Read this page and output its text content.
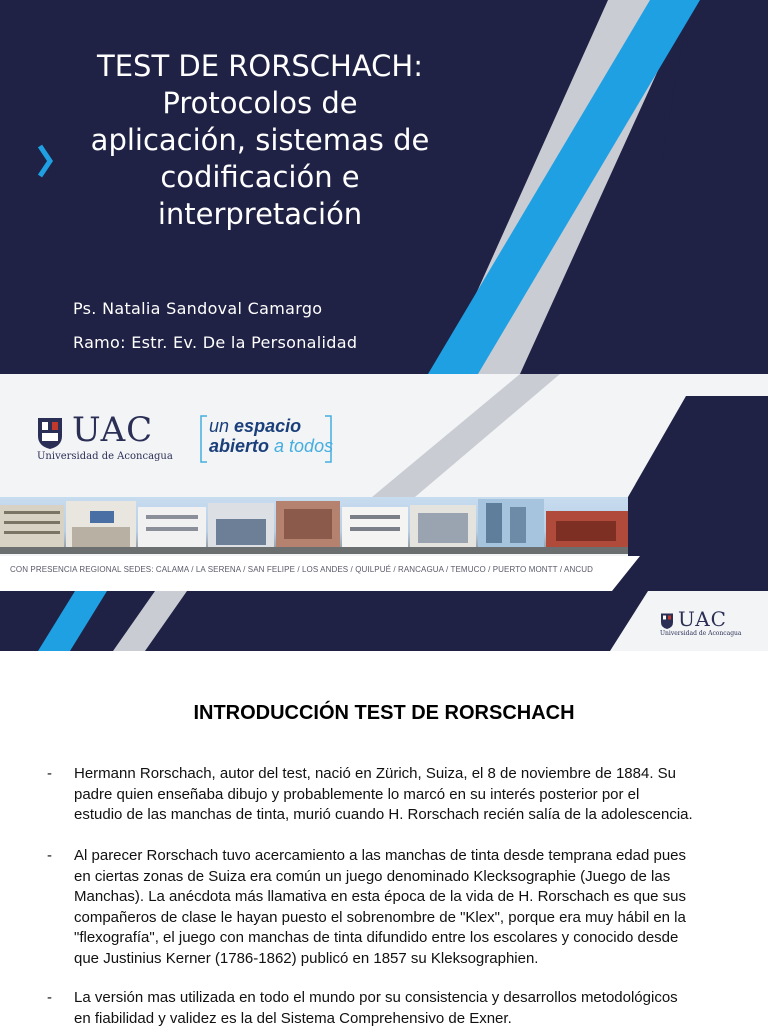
TEST DE RORSCHACH:
Protocolos de
aplicación, sistemas de
codificación e
interpretación
Ps. Natalia Sandoval Camargo
Ramo: Estr. Ev. De la Personalidad
UAC
Universidad de Aconcagua
un espacio
abierto a todos
CON PRESENCIA REGIONAL SEDES: CALAMA / LA SERENA / SAN FELIPE / LOS ANDES / QUILPUÉ / RANCAGUA / TEMUCO / PUERTO MONTT / ANCUD
UAC
Universidad de Aconcagua
INTRODUCCIÓN TEST DE RORSCHACH
- Hermann Rorschach, autor del test, nació en Zürich, Suiza, el 8 de noviembre de 1884. Su
padre quien enseñaba dibujo y probablemente lo marcó en su interés posterior por el
estudio de las manchas de tinta, murió cuando H. Rorschach recién salía de la adolescencia.
- Al parecer Rorschach tuvo acercamiento a las manchas de tinta desde temprana edad pues
en ciertas zonas de Suiza era común un juego denominado Klecksographie (Juego de las
Manchas). La anécdota más llamativa en esta época de la vida de H. Rorschach es que sus
compañeros de clase le hayan puesto el sobrenombre de "Klex", porque era muy hábil en la
"flexografía", el juego con manchas de tinta difundido entre los escolares y conocido desde
que Justinius Kerner (1786-1862) publicó en 1857 su Kleksographien.
- La versión mas utilizada en todo el mundo por su consistencia y desarrollos metodológicos
en fiabilidad y validez es la del Sistema Comprehensivo de Exner.
